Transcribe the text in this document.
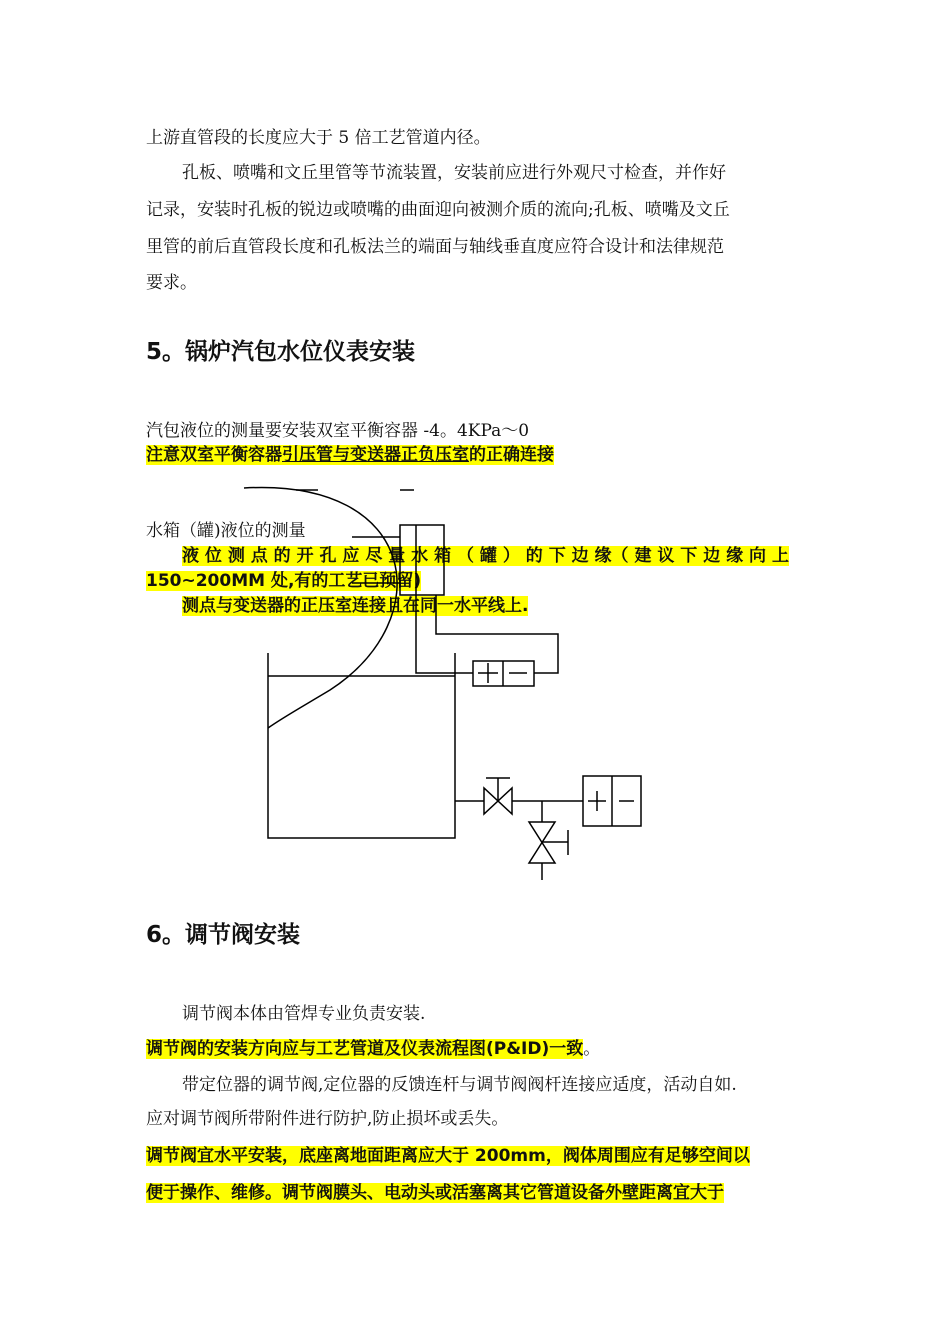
上游直管段的长度应大于 5 倍工艺管道内径。
孔板、喷嘴和文丘里管等节流装置，安装前应进行外观尺寸检查，并作好
记录，安装时孔板的锐边或喷嘴的曲面迎向被测介质的流向;孔板、喷嘴及文丘
里管的前后直管段长度和孔板法兰的端面与轴线垂直度应符合设计和法律规范
要求。
5。锅炉汽包水位仪表安装
汽包液位的测量要安装双室平衡容器 -4。4KPa～0
注意双室平衡容器引压管与变送器正负压室的正确连接
水箱（罐)液位的测量
液 位 测 点 的 开 孔 应 尽 量 水 箱 （ 罐 ） 的 下 边 缘（ 建 议 下 边 缘 向 上
150~200MM 处,有的工艺已预留)
测点与变送器的正压室连接且在同一水平线上.
6。调节阀安装
调节阀本体由管焊专业负责安装.
调节阀的安装方向应与工艺管道及仪表流程图(P&ID)一致。
带定位器的调节阀,定位器的反馈连杆与调节阀阀杆连接应适度，活动自如.
应对调节阀所带附件进行防护,防止损坏或丢失。
调节阀宜水平安装，底座离地面距离应大于 200mm，阀体周围应有足够空间以
便于操作、维修。调节阀膜头、电动头或活塞离其它管道设备外壁距离宜大于
